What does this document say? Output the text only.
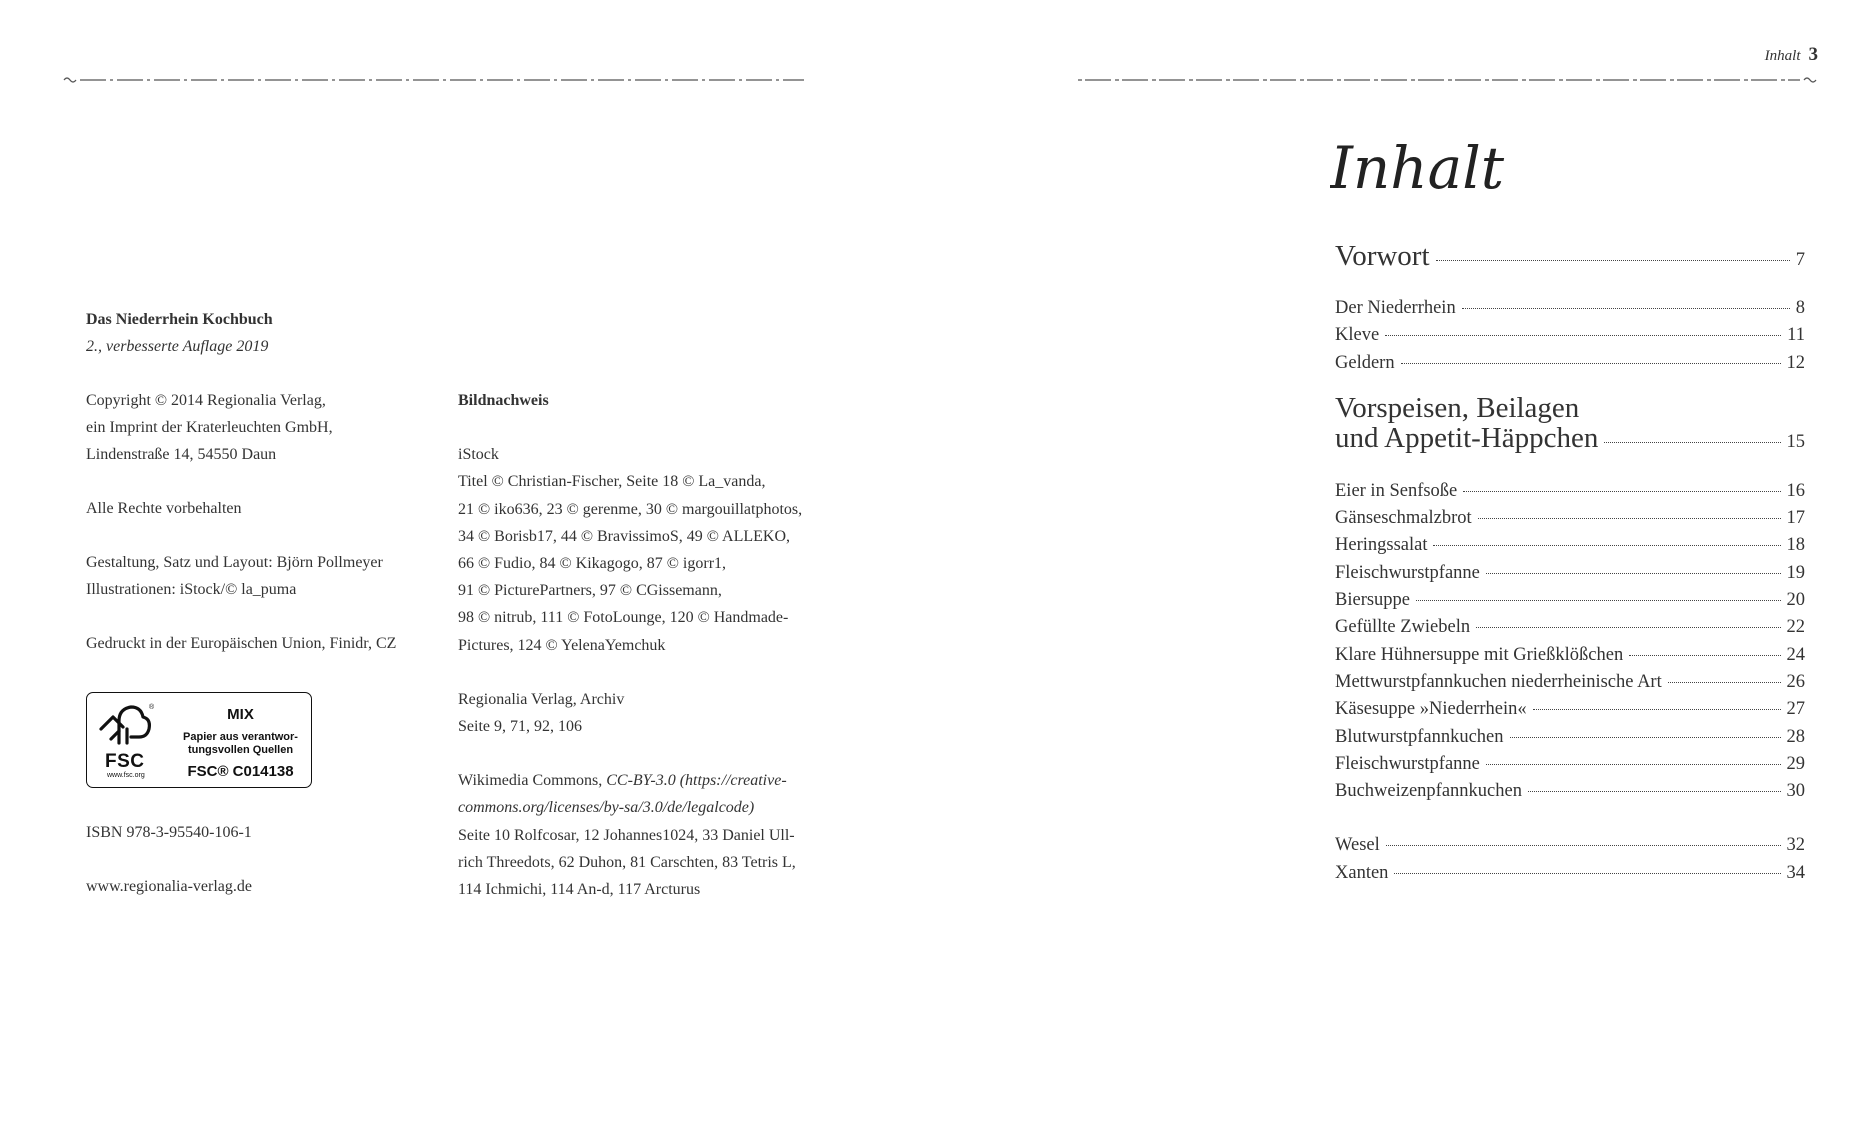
Das Niederrhein Kochbuch
2., verbesserte Auflage 2019
Copyright © 2014 Regionalia Verlag,
ein Imprint der Kraterleuchten GmbH,
Lindenstraße 14, 54550 Daun
Alle Rechte vorbehalten
Gestaltung, Satz und Layout: Björn Pollmeyer
Illustrationen: iStock/© la_puma
Gedruckt in der Europäischen Union, Finidr, CZ
®
FSC
www.fsc.org
MIX
Papier aus verantwor-
tungsvollen Quellen
FSC® C014138
ISBN 978-3-95540-106-1
www.regionalia-verlag.de
Bildnachweis
iStock
Titel © Christian-Fischer, Seite 18 © La_vanda,
21 © iko636, 23 © gerenme, 30 © margouillatphotos,
34 © Borisb17, 44 © BravissimoS, 49 © ALLEKO,
66 © Fudio, 84 © Kikagogo, 87 © igorr1,
91 © PicturePartners, 97 © CGissemann,
98 © nitrub, 111 © FotoLounge, 120 © Handmade-
Pictures, 124 © YelenaYemchuk
Regionalia Verlag, Archiv
Seite 9, 71, 92, 106
Wikimedia Commons, CC-BY-3.0 (https://creative-
commons.org/licenses/by-sa/3.0/de/legalcode)
Seite 10 Rolfcosar, 12 Johannes1024, 33 Daniel Ull-
rich Threedots, 62 Duhon, 81 Carschten, 83 Tetris L,
114 Ichmichi, 114 An-d, 117 Arcturus
Inhalt 3
Inhalt
Vorwort	7
Der Niederrhein	8
Kleve	11
Geldern	12
Vorspeisen, Beilagen
und Appetit-Häppchen	15
Eier in Senfsoße	16
Gänseschmalzbrot	17
Heringssalat	18
Fleischwurstpfanne	19
Biersuppe	20
Gefüllte Zwiebeln	22
Klare Hühnersuppe mit Grießklößchen	24
Mettwurstpfannkuchen niederrheinische Art	26
Käsesuppe »Niederrhein«	27
Blutwurstpfannkuchen	28
Fleischwurstpfanne	29
Buchweizenpfannkuchen	30
Wesel	32
Xanten	34
